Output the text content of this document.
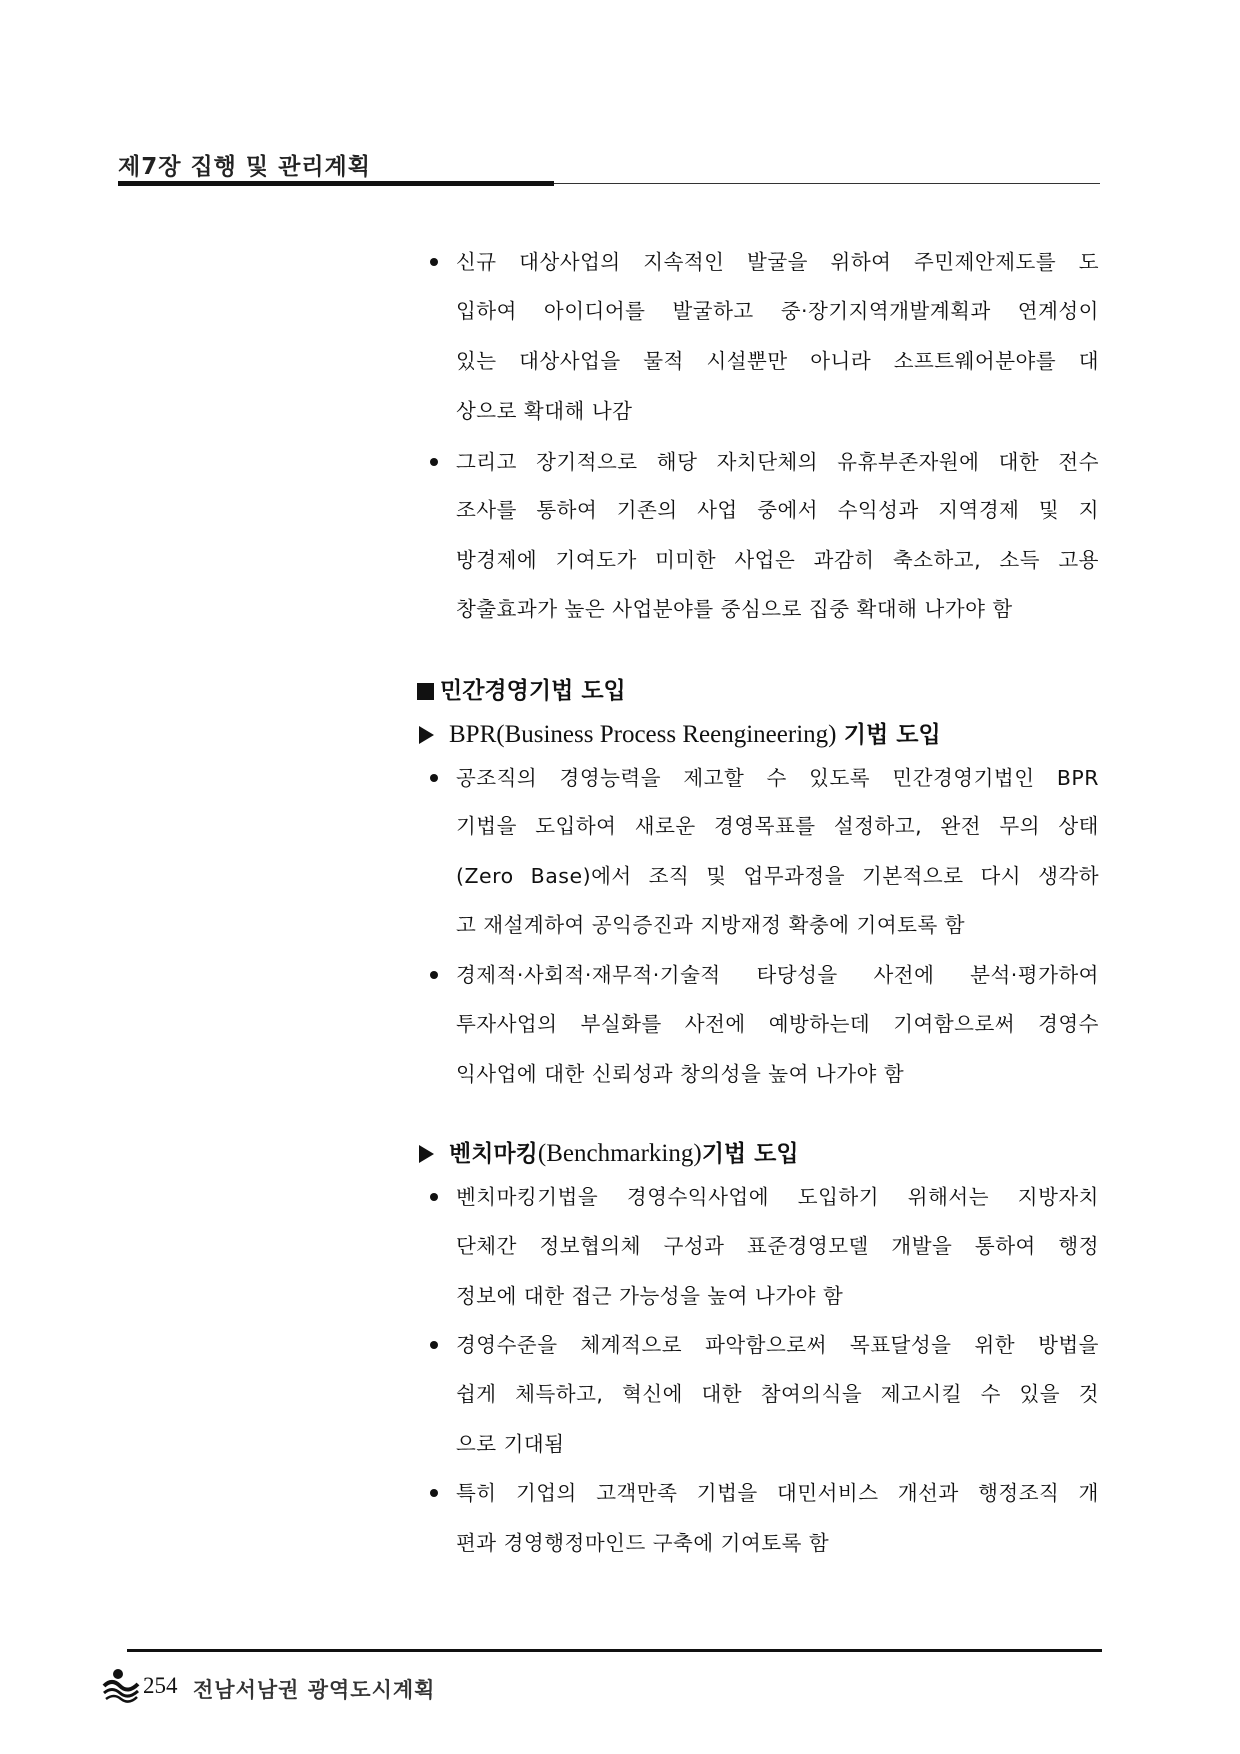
제7장 집행 및 관리계획
신규 대상사업의 지속적인 발굴을 위하여 주민제안제도를 도
입하여 아이디어를 발굴하고 중·장기지역개발계획과 연계성이
있는 대상사업을 물적 시설뿐만 아니라 소프트웨어분야를 대
상으로 확대해 나감
그리고 장기적으로 해당 자치단체의 유휴부존자원에 대한 전수
조사를 통하여 기존의 사업 중에서 수익성과 지역경제 및 지
방경제에 기여도가 미미한 사업은 과감히 축소하고, 소득 고용
창출효과가 높은 사업분야를 중심으로 집중 확대해 나가야 함
공조직의 경영능력을 제고할 수 있도록 민간경영기법인 BPR
기법을 도입하여 새로운 경영목표를 설정하고, 완전 무의 상태
(Zero Base)에서 조직 및 업무과정을 기본적으로 다시 생각하
고 재설계하여 공익증진과 지방재정 확충에 기여토록 함
경제적·사회적·재무적·기술적 타당성을 사전에 분석·평가하여
투자사업의 부실화를 사전에 예방하는데 기여함으로써 경영수
익사업에 대한 신뢰성과 창의성을 높여 나가야 함
벤치마킹기법을 경영수익사업에 도입하기 위해서는 지방자치
단체간 정보협의체 구성과 표준경영모델 개발을 통하여 행정
정보에 대한 접근 가능성을 높여 나가야 함
경영수준을 체계적으로 파악함으로써 목표달성을 위한 방법을
쉽게 체득하고, 혁신에 대한 참여의식을 제고시킬 수 있을 것
으로 기대됨
특히 기업의 고객만족 기법을 대민서비스 개선과 행정조직 개
편과 경영행정마인드 구축에 기여토록 함
민간경영기법 도입
BPR(Business Process Reengineering) 기법 도입
벤치마킹(Benchmarking)기법 도입
254 전남서남권 광역도시계획
